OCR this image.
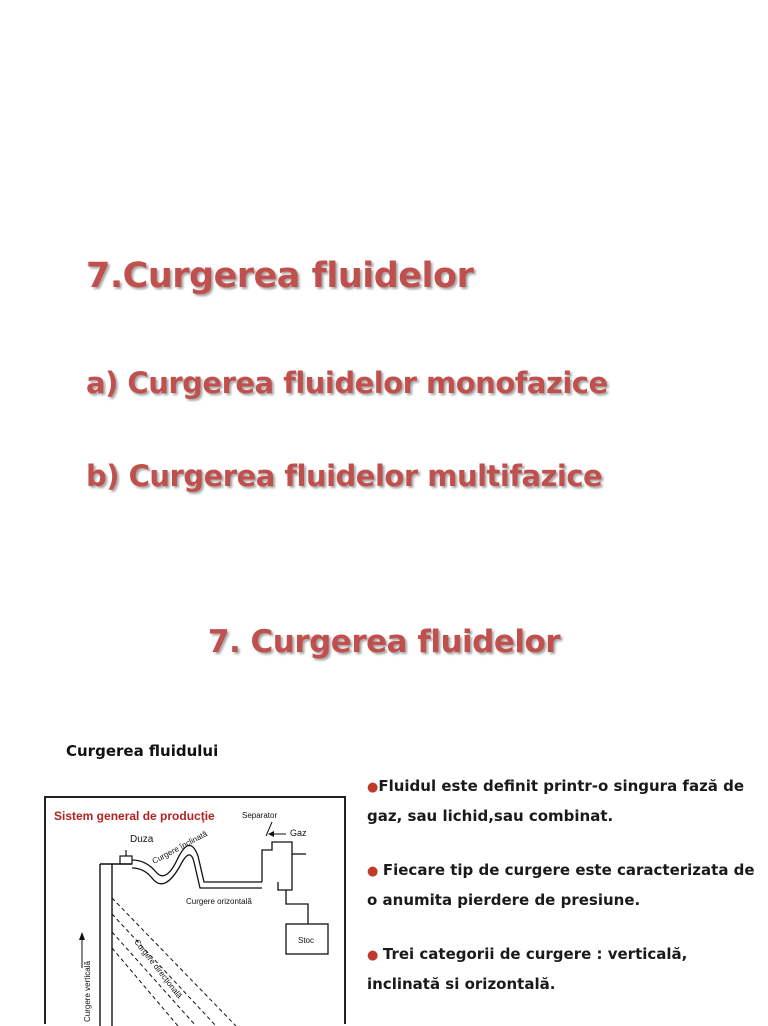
7.Curgerea fluidelor
a) Curgerea fluidelor monofazice
b) Curgerea fluidelor multifazice
7. Curgerea fluidelor

Curgerea fluidului

Sistem general de producţie	Separator
Gaz
Duza
Curgere înclinată
Curgere orizontală
Stoc
Curgere verticală	Curgere direcţională

●Fluidul este definit printr-o singura fază de gaz, sau lichid,sau combinat.

● Fiecare tip de curgere este caracterizata de o anumita pierdere de presiune.

● Trei categorii de curgere : verticală, inclinată si orizontală.
